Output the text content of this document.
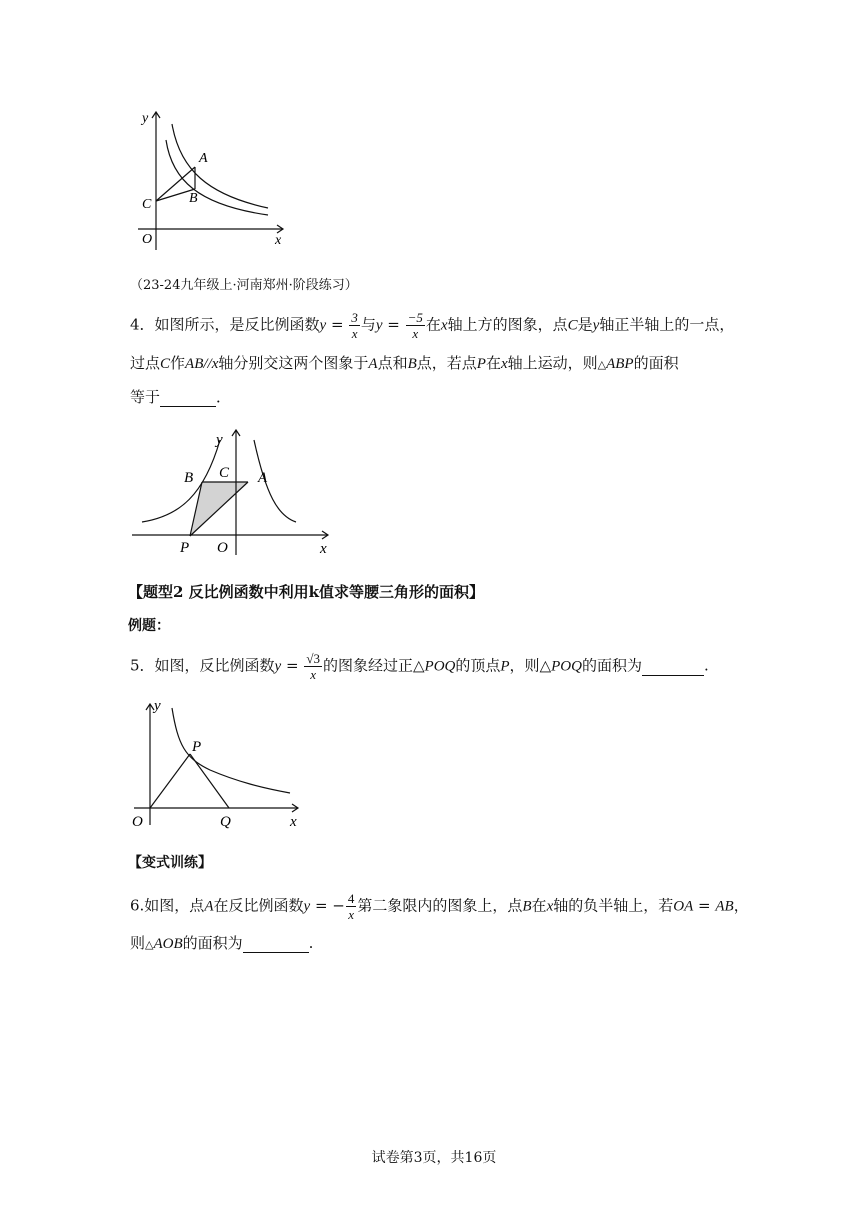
y
x
O
A
B
C
（23-24九年级上·河南郑州·阶段练习）
4．如图所示，是反比例函数$y = \frac{3}{x}$ 与$y = \frac{-5}{x}$ 在x轴上方的图象，点C是y轴正半轴上的一点，
过点C作AB//x轴分别交这两个图象于A点和B点，若点P在x轴上运动，则△ABP的面积
等于	．
y
x
O
A
B C
P
【题型2 反比例函数中利用k值求等腰三角形的面积】
例题：
5．如图，反比例函数$y = \frac{√3}{x}$ 的图象经过正△POQ的顶点P，则△POQ的面积为	.
y
x
O
P
Q
【变式训练】
6.如图，点A在反比例函数y = − $\frac{4}{x}$ 第二象限内的图象上，点B在x轴的负半轴上，若OA = AB，
则△AOB的面积为	.
试卷第3页，共16页
